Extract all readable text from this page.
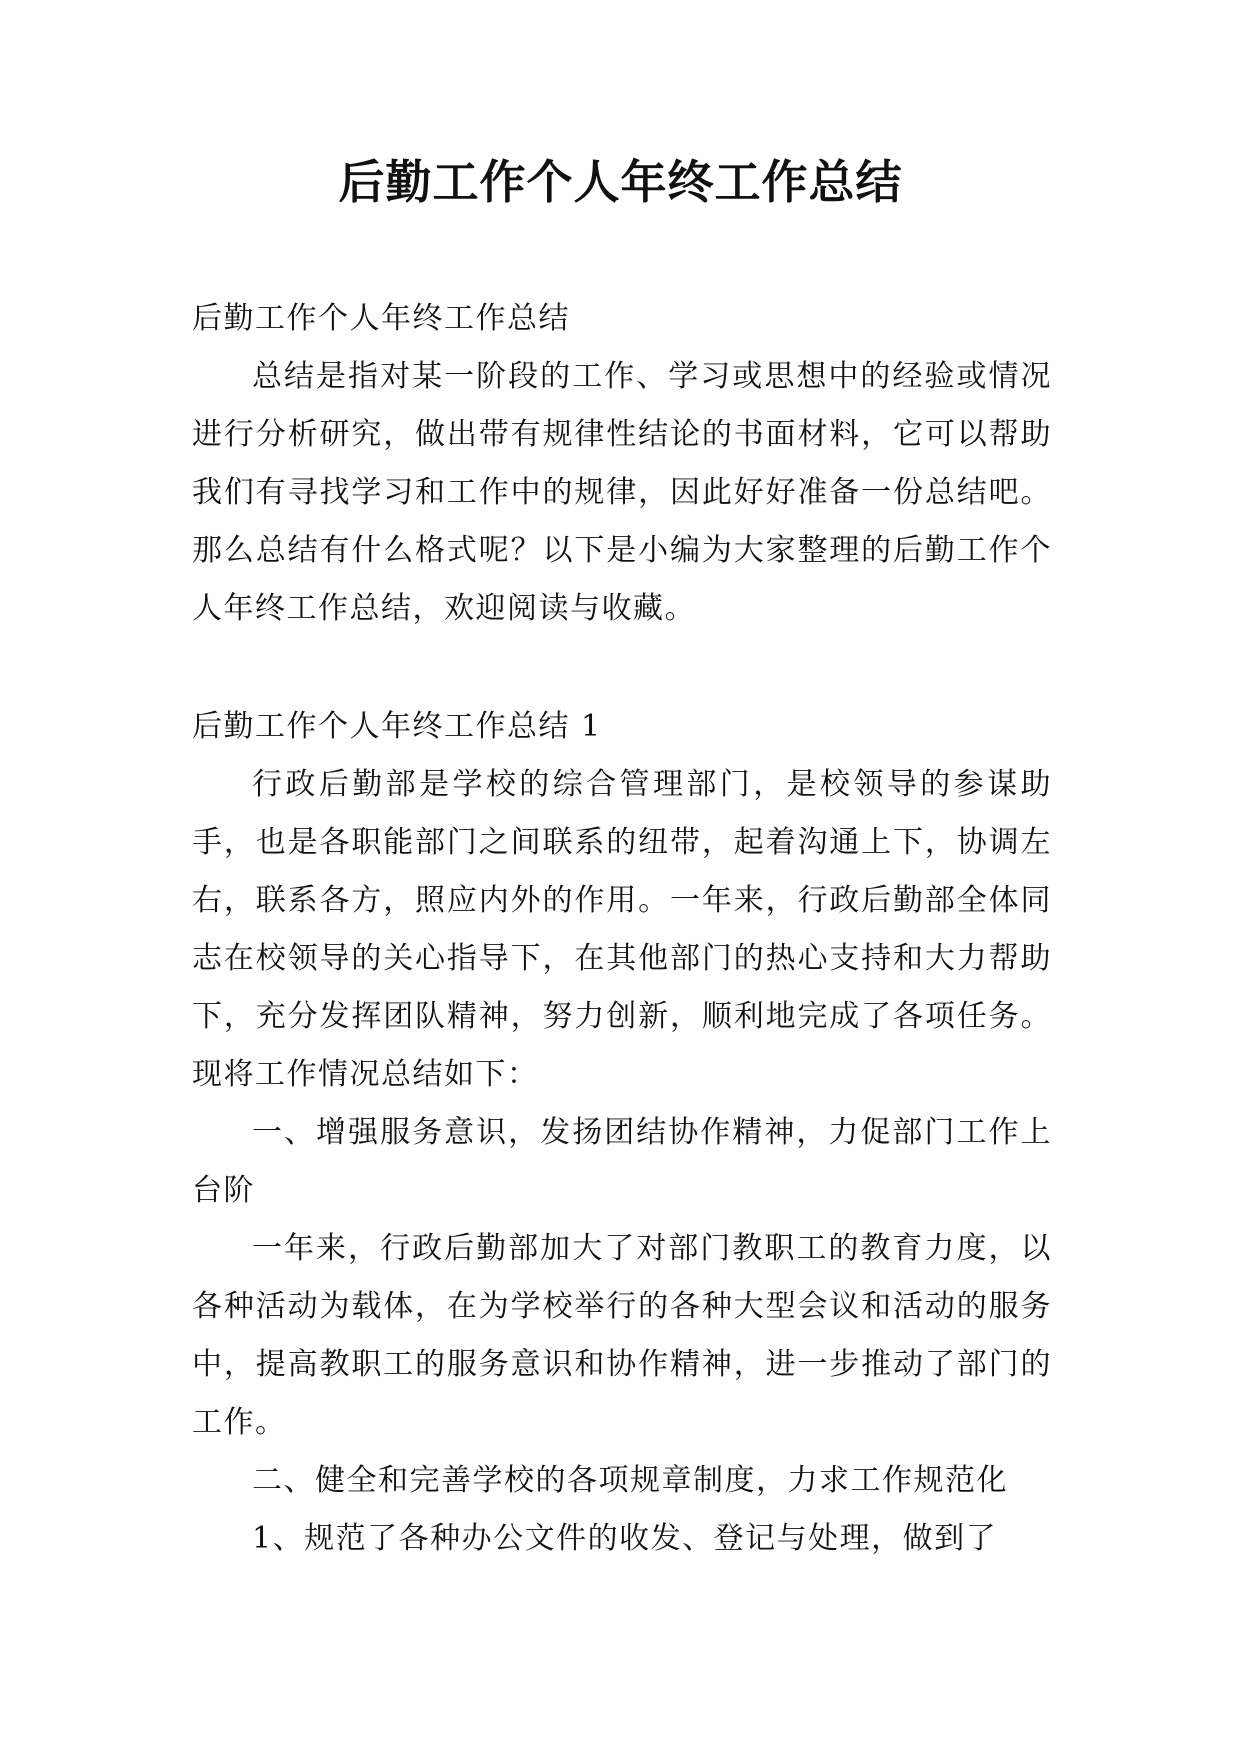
后勤工作个人年终工作总结

后勤工作个人年终工作总结

总结是指对某一阶段的工作、学习或思想中的经验或情况进行分析研究，做出带有规律性结论的书面材料，它可以帮助我们有寻找学习和工作中的规律，因此好好准备一份总结吧。那么总结有什么格式呢？以下是小编为大家整理的后勤工作个人年终工作总结，欢迎阅读与收藏。

后勤工作个人年终工作总结 1

行政后勤部是学校的综合管理部门，是校领导的参谋助手，也是各职能部门之间联系的纽带，起着沟通上下，协调左右，联系各方，照应内外的作用。一年来，行政后勤部全体同志在校领导的关心指导下，在其他部门的热心支持和大力帮助下，充分发挥团队精神，努力创新，顺利地完成了各项任务。现将工作情况总结如下：

一、增强服务意识，发扬团结协作精神，力促部门工作上台阶

一年来，行政后勤部加大了对部门教职工的教育力度，以各种活动为载体，在为学校举行的各种大型会议和活动的服务中，提高教职工的服务意识和协作精神，进一步推动了部门的工作。

二、健全和完善学校的各项规章制度，力求工作规范化

1、规范了各种办公文件的收发、登记与处理，做到了
